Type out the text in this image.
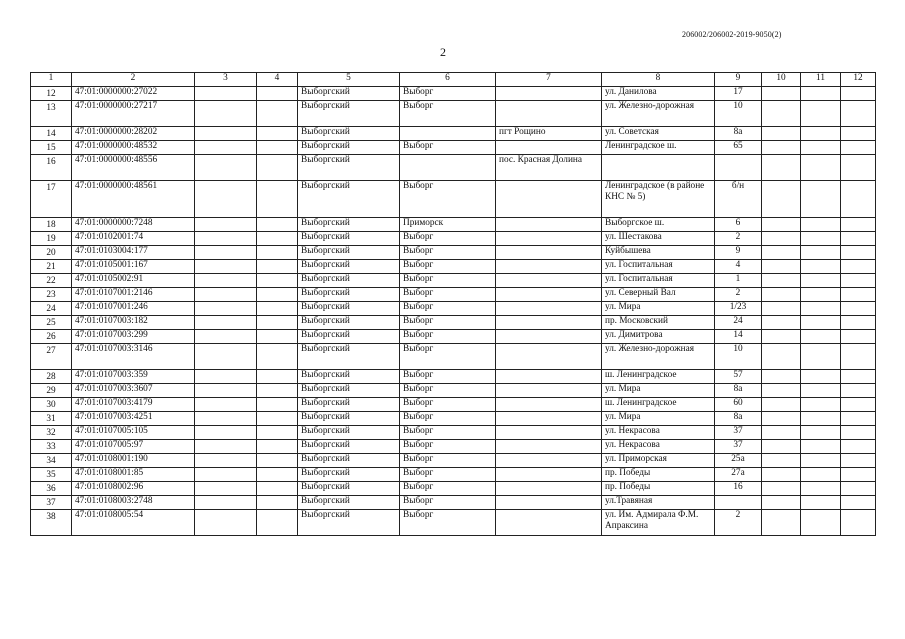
206002/206002-2019-9050(2)
2
1	2	3	4	5	6	7	8	9	10	11	12
12	47:01:0000000:27022			Выборгский	Выборг		ул. Данилова	17			
13	47:01:0000000:27217			Выборгский	Выборг		ул. Железно-дорожная	10			
14	47:01:0000000:28202			Выборгский		пгт Рощино	ул. Советская	8а			
15	47:01:0000000:48532			Выборгский	Выборг		Ленинградское ш.	65			
16	47:01:0000000:48556			Выборгский		пос. Красная Долина					
17	47:01:0000000:48561			Выборгский	Выборг		Ленинградское (в районе КНС № 5)	б/н			
18	47:01:0000000:7248			Выборгский	Приморск		Выборгское ш.	6			
19	47:01:0102001:74			Выборгский	Выборг		ул. Шестакова	2			
20	47:01:0103004:177			Выборгский	Выборг		Куйбышева	9			
21	47:01:0105001:167			Выборгский	Выборг		ул. Госпитальная	4			
22	47:01:0105002:91			Выборгский	Выборг		ул. Госпитальная	1			
23	47:01:0107001:2146			Выборгский	Выборг		ул. Северный Вал	2			
24	47:01:0107001:246			Выборгский	Выборг		ул. Мира	1/23			
25	47:01:0107003:182			Выборгский	Выборг		пр. Московский	24			
26	47:01:0107003:299			Выборгский	Выборг		ул. Димитрова	14			
27	47:01:0107003:3146			Выборгский	Выборг		ул. Железно-дорожная	10			
28	47:01:0107003:359			Выборгский	Выборг		ш. Ленинградское	57			
29	47:01:0107003:3607			Выборгский	Выборг		ул. Мира	8а			
30	47:01:0107003:4179			Выборгский	Выборг		ш. Ленинградское	60			
31	47:01:0107003:4251			Выборгский	Выборг		ул. Мира	8а			
32	47:01:0107005:105			Выборгский	Выборг		ул. Некрасова	37			
33	47:01:0107005:97			Выборгский	Выборг		ул. Некрасова	37			
34	47:01:0108001:190			Выборгский	Выборг		ул. Приморская	25а			
35	47:01:0108001:85			Выборгский	Выборг		пр. Победы	27а			
36	47:01:0108002:96			Выборгский	Выборг		пр. Победы	16			
37	47:01:0108003:2748			Выборгский	Выборг		ул.Травяная				
38	47:01:0108005:54			Выборгский	Выборг		ул. Им. Адмирала Ф.М. Апраксина	2			
